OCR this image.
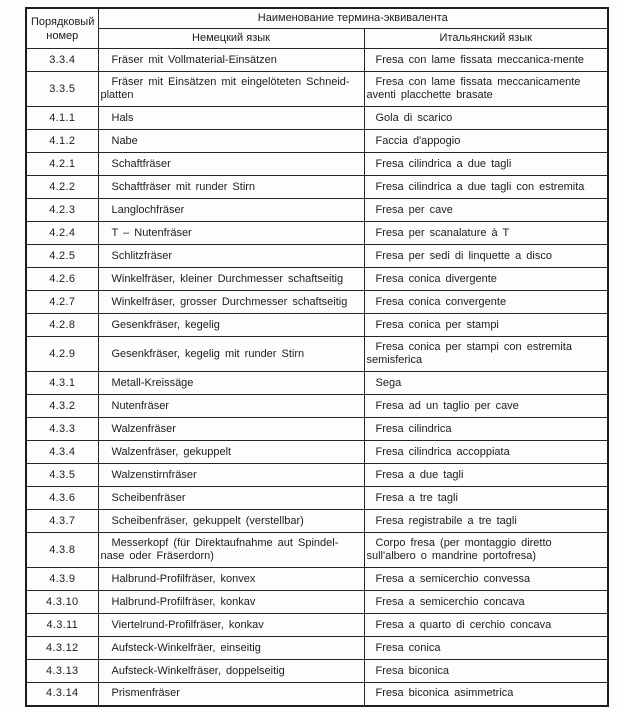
Порядковый номер	Наименование термина-эквивалента	
	Немецкий язык	Итальянский язык
3.3.4	Fräser mit Vollmaterial-Einsätzen	Fresa con lame fissata meccanica-mente
3.3.5	Fräser mit Einsätzen mit eingelöteten Schneid-platten	Fresa con lame fissata meccanicamente aventi placchette brasate
4.1.1	Hals	Gola di scarico
4.1.2	Nabe	Faccia d'appogio
4.2.1	Schaftfräser	Fresa cilindrica a due tagli
4.2.2	Schaftfräser mit runder Stirn	Fresa cilindrica a due tagli con estremita
4.2.3	Langlochfräser	Fresa per cave
4.2.4	T – Nutenfräser	Fresa per scanalature à T
4.2.5	Schlitzfräser	Fresa per sedi di linquette a disco
4.2.6	Winkelfräser, kleiner Durchmesser schaftseitig	Fresa conica divergente
4.2.7	Winkelfräser, grosser Durchmesser schaftseitig	Fresa conica convergente
4.2.8	Gesenkfräser, kegelig	Fresa conica per stampi
4.2.9	Gesenkfräser, kegelig mit runder Stirn	Fresa conica per stampi con estremita semisferica
4.3.1	Metall-Kreissäge	Sega
4.3.2	Nutenfräser	Fresa ad un taglio per cave
4.3.3	Walzenfräser	Fresa cilindrica
4.3.4	Walzenfräser, gekuppelt	Fresa cilindrica accoppiata
4.3.5	Walzenstirnfräser	Fresa a due tagli
4.3.6	Scheibenfräser	Fresa a tre tagli
4.3.7	Scheibenfräser, gekuppelt (verstellbar)	Fresa registrabile a tre tagli
4.3.8	Messerkopf (für Direktaufnahme aut Spindel-nase oder Fräserdorn)	Corpo fresa (per montaggio diretto sull'albero o mandrine portofresa)
4.3.9	Halbrund-Profilfräser, konvex	Fresa a semicerchio convessa
4.3.10	Halbrund-Profilfräser, konkav	Fresa a semicerchio concava
4.3.11	Viertelrund-Profilfräser, konkav	Fresa a quarto di cerchio concava
4.3.12	Aufsteck-Winkelfräer, einseitig	Fresa conica
4.3.13	Aufsteck-Winkelfräser, doppelseitig	Fresa biconica
4.3.14	Prismenfräser	Fresa biconica asimmetrica
